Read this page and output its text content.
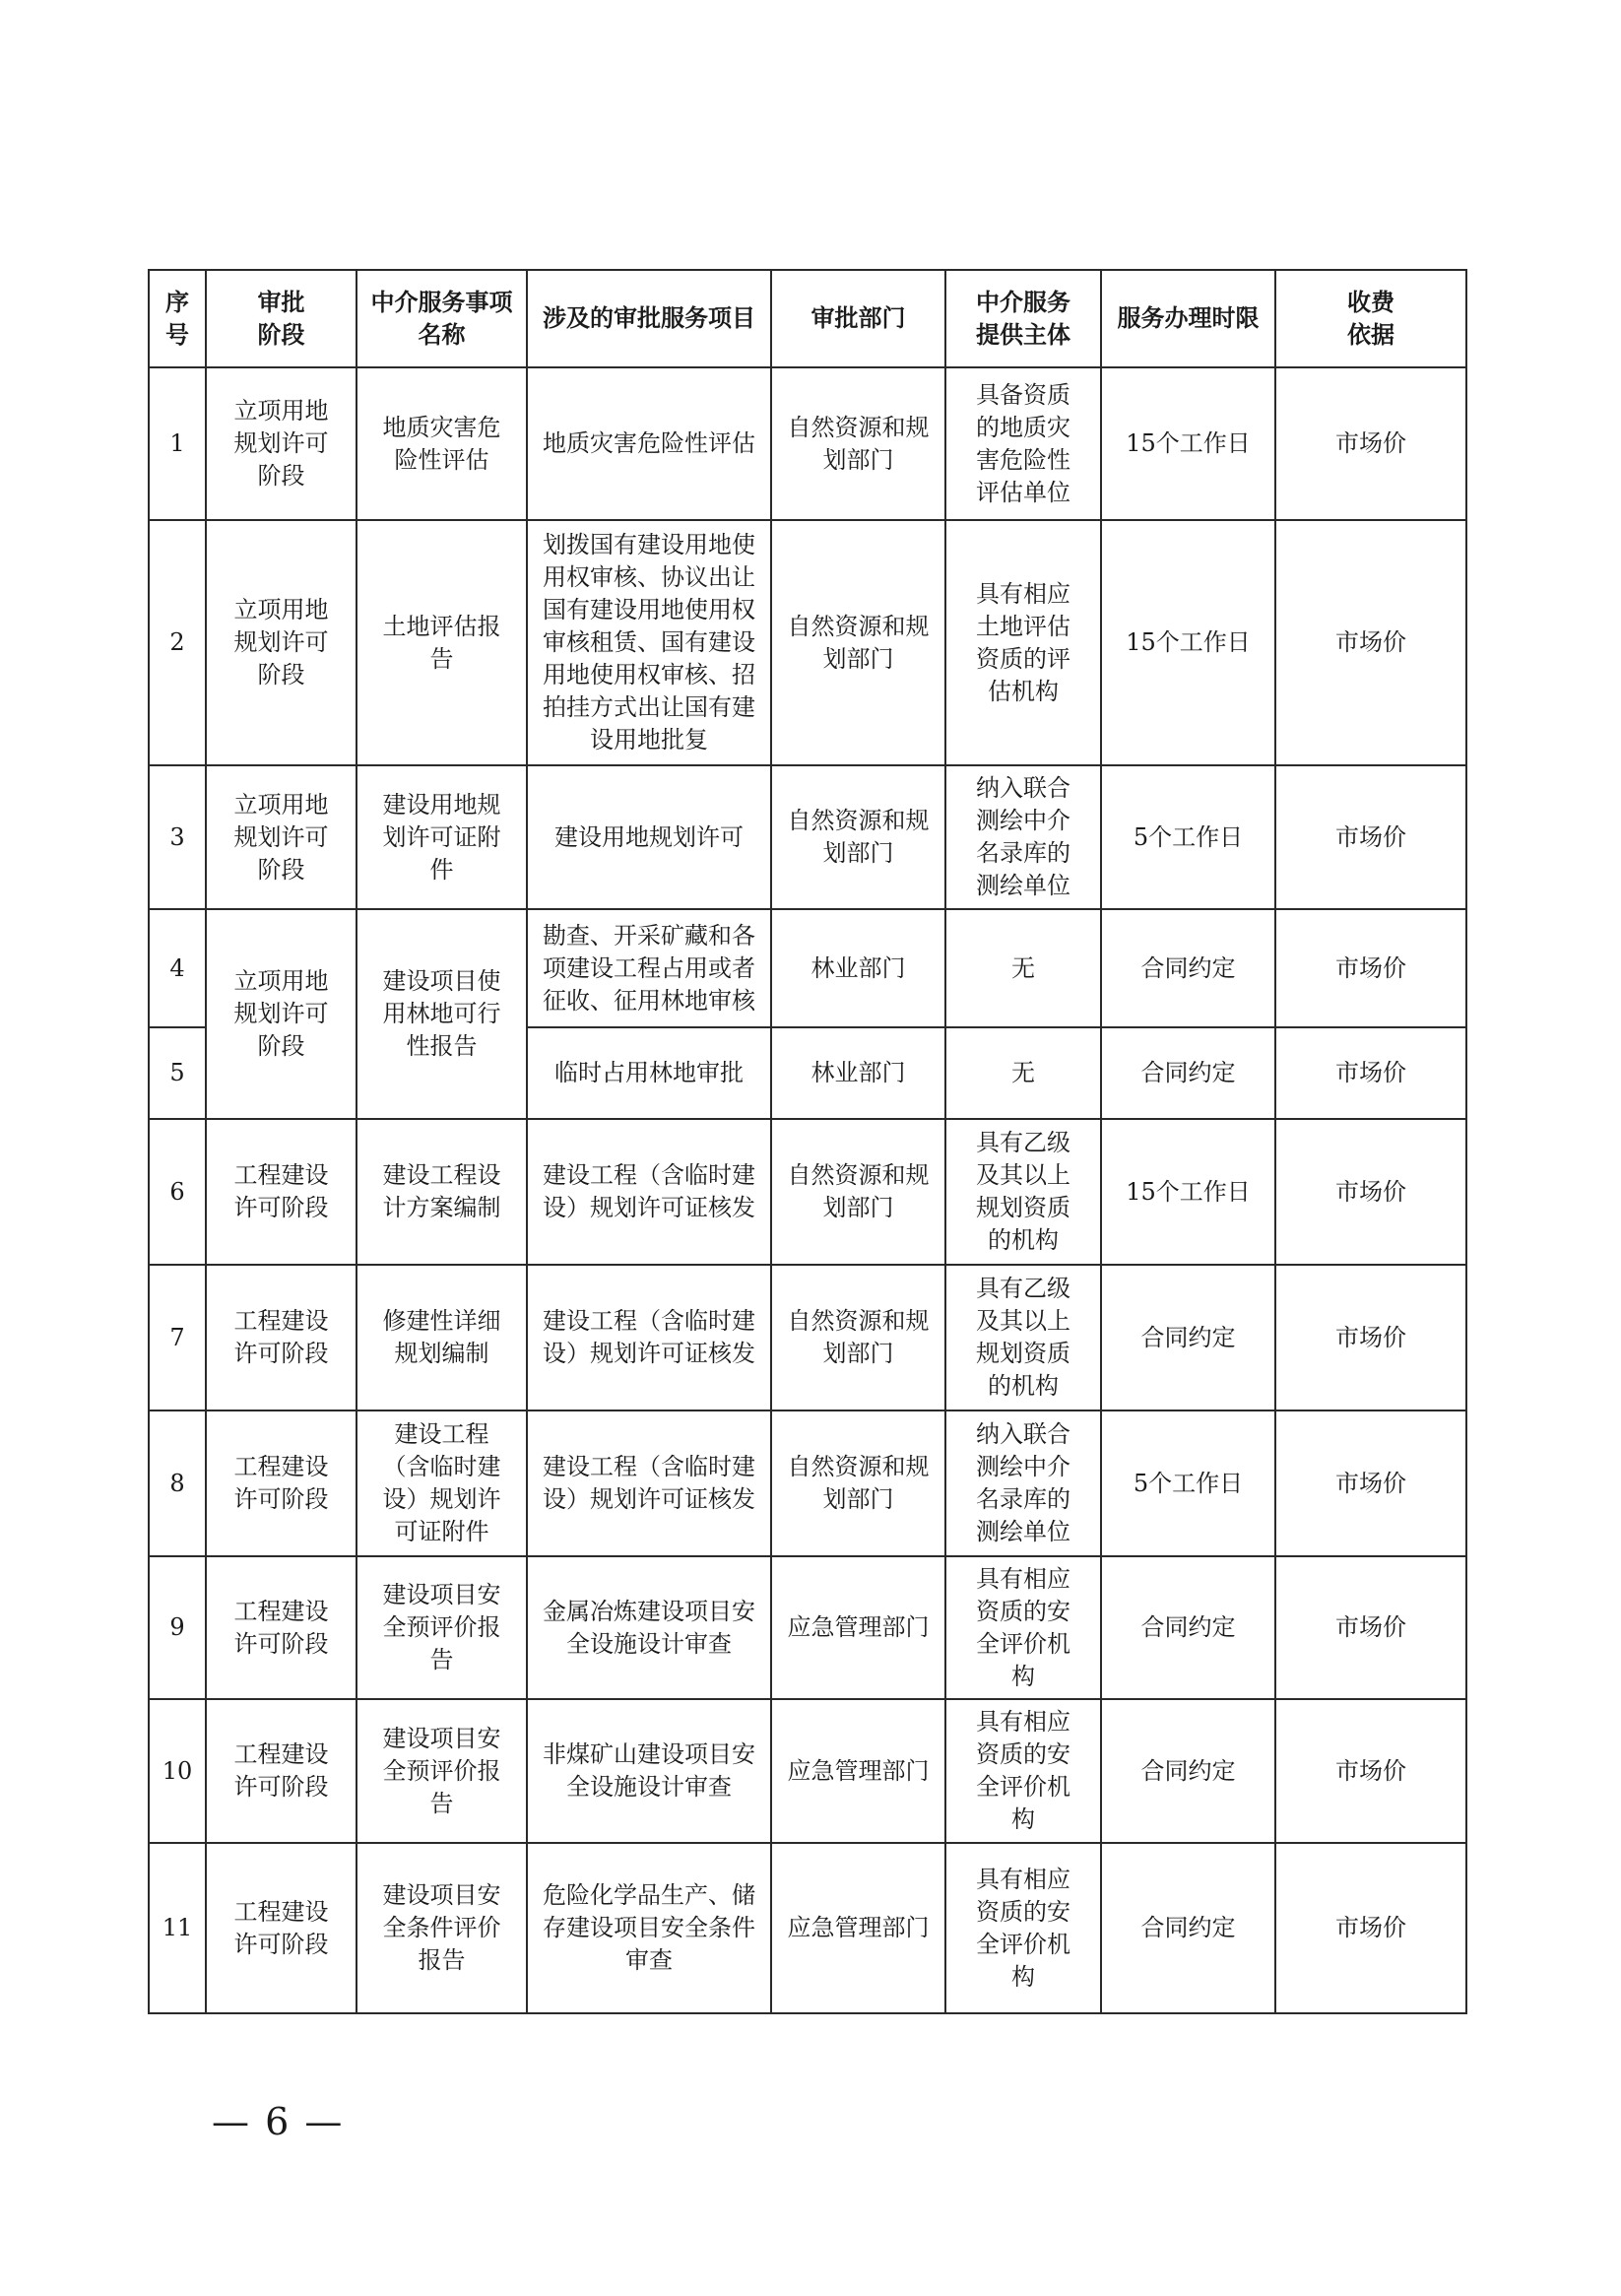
序号	审批阶段	中介服务事项名称	涉及的审批服务项目	审批部门	中介服务提供主体	服务办理时限	收费依据

1	立项用地规划许可阶段	地质灾害危险性评估	地质灾害危险性评估	自然资源和规划部门	具备资质的地质灾害危险性评估单位	15个工作日	市场价

2	立项用地规划许可阶段	土地评估报告	划拨国有建设用地使用权审核、协议出让国有建设用地使用权审核租赁、国有建设用地使用权审核、招拍挂方式出让国有建设用地批复	自然资源和规划部门	具有相应土地评估资质的评估机构	15个工作日	市场价

3	立项用地规划许可阶段	建设用地规划许可证附件	建设用地规划许可	自然资源和规划部门	纳入联合测绘中介名录库的测绘单位	5个工作日	市场价

4	立项用地规划许可阶段	建设项目使用林地可行性报告	勘查、开采矿藏和各项建设工程占用或者征收、征用林地审核	林业部门	无	合同约定	市场价

5			临时占用林地审批	林业部门	无	合同约定	市场价

6	工程建设许可阶段	建设工程设计方案编制	建设工程（含临时建设）规划许可证核发	自然资源和规划部门	具有乙级及其以上规划资质的机构	15个工作日	市场价

7	工程建设许可阶段	修建性详细规划编制	建设工程（含临时建设）规划许可证核发	自然资源和规划部门	具有乙级及其以上规划资质的机构	合同约定	市场价

8	工程建设许可阶段	建设工程（含临时建设）规划许可证附件	建设工程（含临时建设）规划许可证核发	自然资源和规划部门	纳入联合测绘中介名录库的测绘单位	5个工作日	市场价

9	工程建设许可阶段	建设项目安全预评价报告	金属冶炼建设项目安全设施设计审查	应急管理部门	具有相应资质的安全评价机构	合同约定	市场价

10	工程建设许可阶段	建设项目安全预评价报告	非煤矿山建设项目安全设施设计审查	应急管理部门	具有相应资质的安全评价机构	合同约定	市场价

11	工程建设许可阶段	建设项目安全条件评价报告	危险化学品生产、储存建设项目安全条件审查	应急管理部门	具有相应资质的安全评价机构	合同约定	市场价
— 6 —
